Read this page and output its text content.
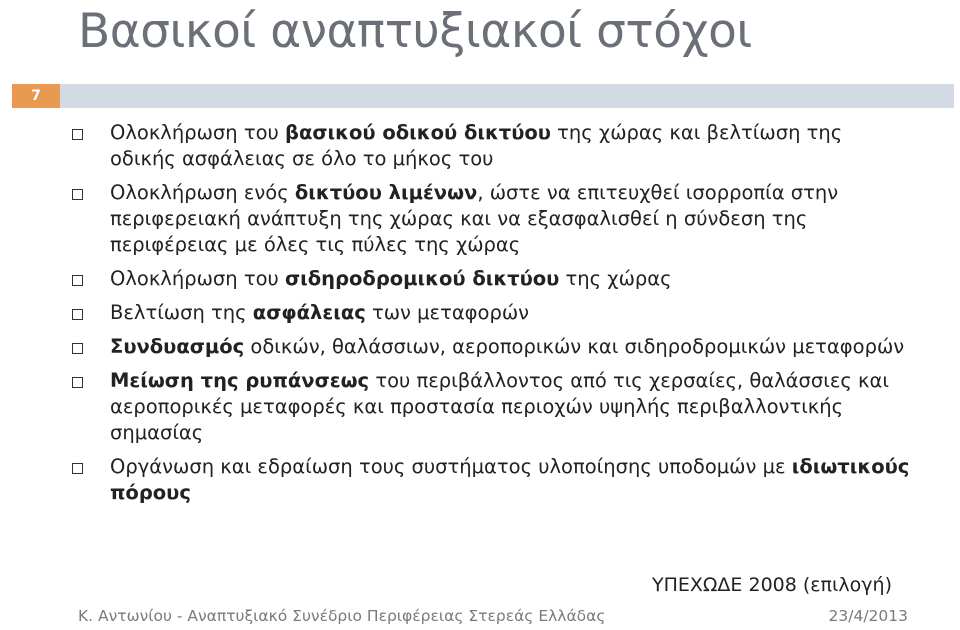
Βασικοί αναπτυξιακοί στόχοι
7
Ολοκλήρωση του βασικού οδικού δικτύου της χώρας και βελτίωση της οδικής ασφάλειας σε όλο το μήκος του
Ολοκλήρωση ενός δικτύου λιμένων, ώστε να επιτευχθεί ισορροπία στην περιφερειακή ανάπτυξη της χώρας και να εξασφαλισθεί η σύνδεση της περιφέρειας με όλες τις πύλες της χώρας
Ολοκλήρωση του σιδηροδρομικού δικτύου της χώρας
Βελτίωση της ασφάλειας των μεταφορών
Συνδυασμός οδικών, θαλάσσιων, αεροπορικών και σιδηροδρομικών μεταφορών
Μείωση της ρυπάνσεως του περιβάλλοντος από τις χερσαίες, θαλάσσιες και αεροπορικές μεταφορές και προστασία περιοχών υψηλής περιβαλλοντικής σημασίας
Οργάνωση και εδραίωση τους συστήματος υλοποίησης υποδομών με ιδιωτικούς πόρους
ΥΠΕΧΩΔΕ 2008 (επιλογή)
Κ. Αντωνίου - Αναπτυξιακό Συνέδριο Περιφέρειας Στερεάς Ελλάδας	23/4/2013
